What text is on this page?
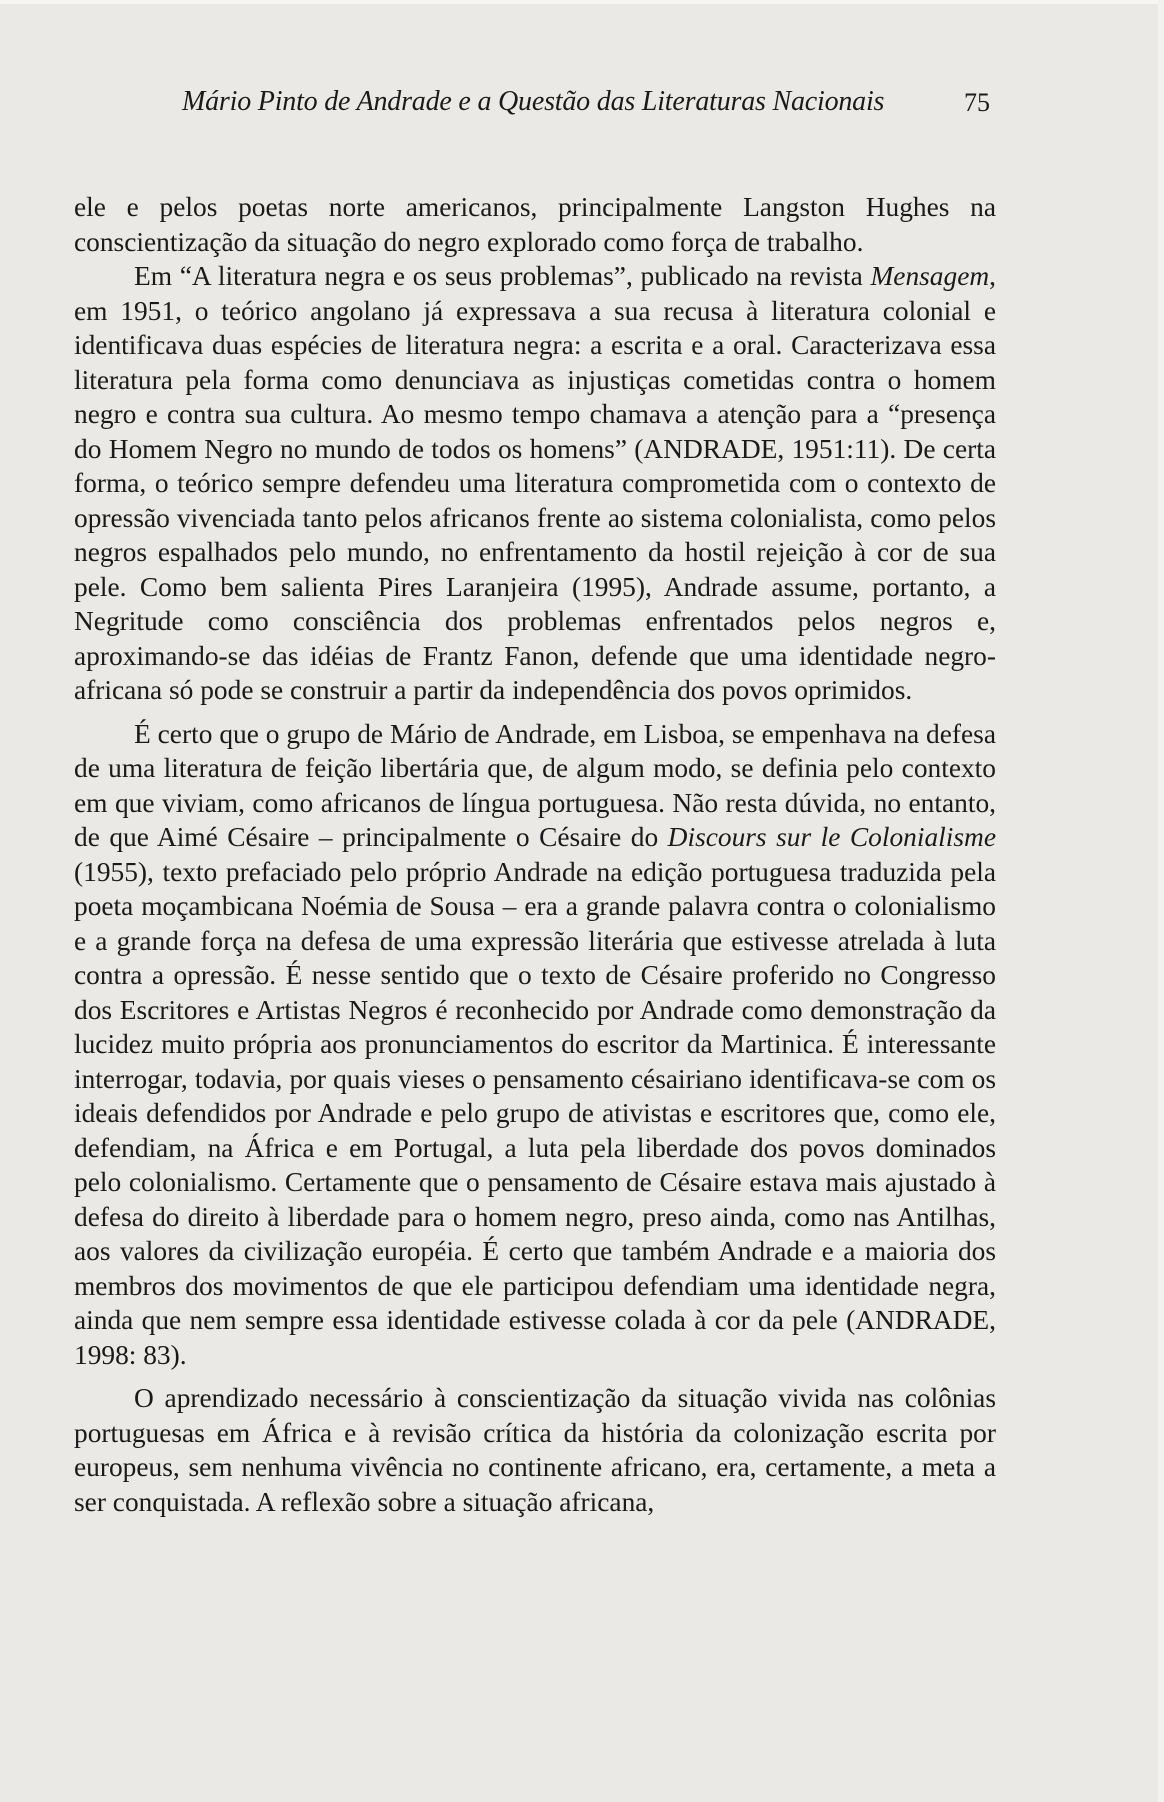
Mário Pinto de Andrade e a Questão das Literaturas Nacionais	75

ele e pelos poetas norte americanos, principalmente Langston Hughes na conscientização da situação do negro explorado como força de trabalho.

Em “A literatura negra e os seus problemas”, publicado na revista Mensagem, em 1951, o teórico angolano já expressava a sua recusa à literatura colonial e identificava duas espécies de literatura negra: a escrita e a oral. Caracterizava essa literatura pela forma como denunciava as injustiças cometidas contra o homem negro e contra sua cultura. Ao mesmo tempo chamava a atenção para a “presença do Homem Negro no mundo de todos os homens” (ANDRADE, 1951:11). De certa forma, o teórico sempre defendeu uma literatura comprometida com o contexto de opressão vivenciada tanto pelos africanos frente ao sistema colonialista, como pelos negros espalhados pelo mundo, no enfrentamento da hostil rejeição à cor de sua pele. Como bem salienta Pires Laranjeira (1995), Andrade assume, portanto, a Negritude como consciência dos problemas enfrentados pelos negros e, aproximando-se das idéias de Frantz Fanon, defende que uma identidade negro-africana só pode se construir a partir da independência dos povos oprimidos.

É certo que o grupo de Mário de Andrade, em Lisboa, se empenhava na defesa de uma literatura de feição libertária que, de algum modo, se definia pelo contexto em que viviam, como africanos de língua portuguesa. Não resta dúvida, no entanto, de que Aimé Césaire – principalmente o Césaire do Discours sur le Colonialisme (1955), texto prefaciado pelo próprio Andrade na edição portuguesa traduzida pela poeta moçambicana Noémia de Sousa – era a grande palavra contra o colonialismo e a grande força na defesa de uma expressão literária que estivesse atrelada à luta contra a opressão. É nesse sentido que o texto de Césaire proferido no Congresso dos Escritores e Artistas Negros é reconhecido por Andrade como demonstração da lucidez muito própria aos pronunciamentos do escritor da Martinica. É interessante interrogar, todavia, por quais vieses o pensamento césairiano identificava-se com os ideais defendidos por Andrade e pelo grupo de ativistas e escritores que, como ele, defendiam, na África e em Portugal, a luta pela liberdade dos povos dominados pelo colonialismo. Certamente que o pensamento de Césaire estava mais ajustado à defesa do direito à liberdade para o homem negro, preso ainda, como nas Antilhas, aos valores da civilização européia. É certo que também Andrade e a maioria dos membros dos movimentos de que ele participou defendiam uma identidade negra, ainda que nem sempre essa identidade estivesse colada à cor da pele (ANDRADE, 1998: 83).

O aprendizado necessário à conscientização da situação vivida nas colônias portuguesas em África e à revisão crítica da história da colonização escrita por europeus, sem nenhuma vivência no continente africano, era, certamente, a meta a ser conquistada. A reflexão sobre a situação africana,
